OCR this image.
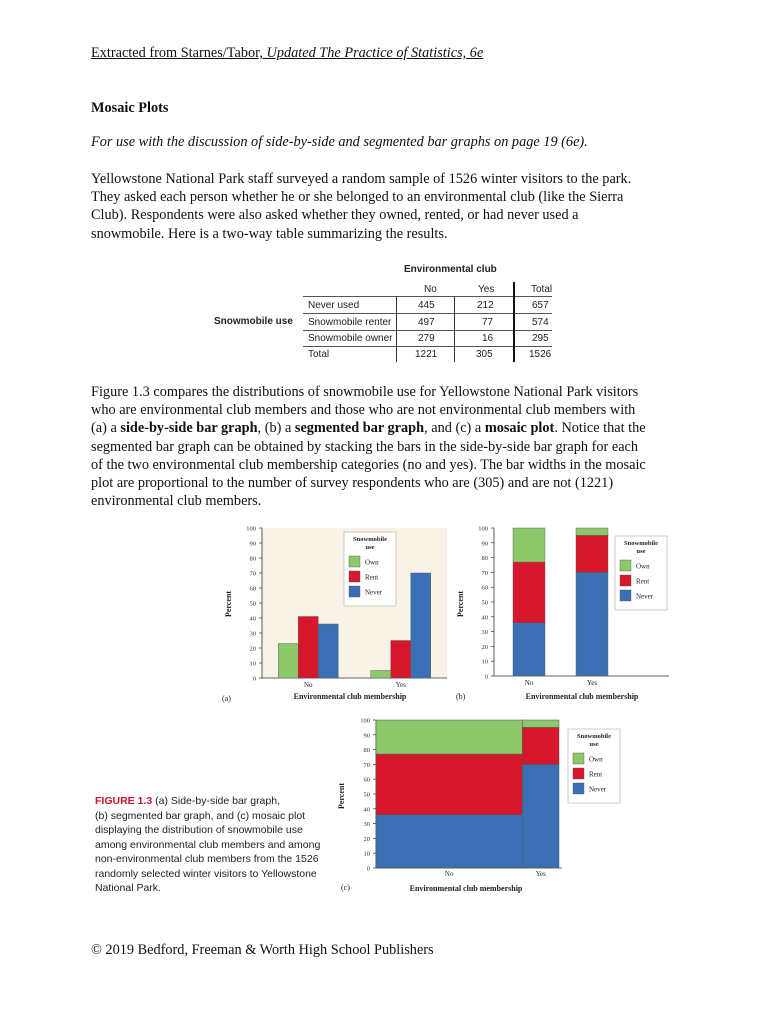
Extracted from Starnes/Tabor, Updated The Practice of Statistics, 6e
Mosaic Plots
For use with the discussion of side-by-side and segmented bar graphs on page 19 (6e).
Yellowstone National Park staff surveyed a random sample of 1526 winter visitors to the park.
They asked each person whether he or she belonged to an environmental club (like the Sierra
Club). Respondents were also asked whether they owned, rented, or had never used a
snowmobile. Here is a two-way table summarizing the results.
Environmental club
Snowmobile use
No	Yes	Total
Never used	445	212	657
Snowmobile renter	497	77	574
Snowmobile owner	279	16	295
Total	1221	305	1526
Figure 1.3 compares the distributions of snowmobile use for Yellowstone National Park visitors
who are environmental club members and those who are not environmental club members with
(a) a side-by-side bar graph, (b) a segmented bar graph, and (c) a mosaic plot. Notice that the
segmented bar graph can be obtained by stacking the bars in the side-by-side bar graph for each
of the two environmental club membership categories (no and yes). The bar widths in the mosaic
plot are proportional to the number of survey respondents who are (305) and are not (1221)
environmental club members.
0
10
20
30
40
50
60
70
80
90
100
Percent
No	Yes
Snowmobile
use
Own
Rent
Never
Environmental club membership
(a)
0
10
20
30
40
50
60
70
80
90
100
Percent
No	Yes
Snowmobile
use
Own
Rent
Never
Environmental club membership
(b)
0
10
20
30
40
50
60
70
80
90
100
Percent
No	Yes
Snowmobile
use
Own
Rent
Never
Environmental club membership
(c)
FIGURE 1.3 (a) Side-by-side bar graph,
(b) segmented bar graph, and (c) mosaic plot
displaying the distribution of snowmobile use
among environmental club members and among
non-environmental club members from the 1526
randomly selected winter visitors to Yellowstone
National Park.
© 2019 Bedford, Freeman & Worth High School Publishers
